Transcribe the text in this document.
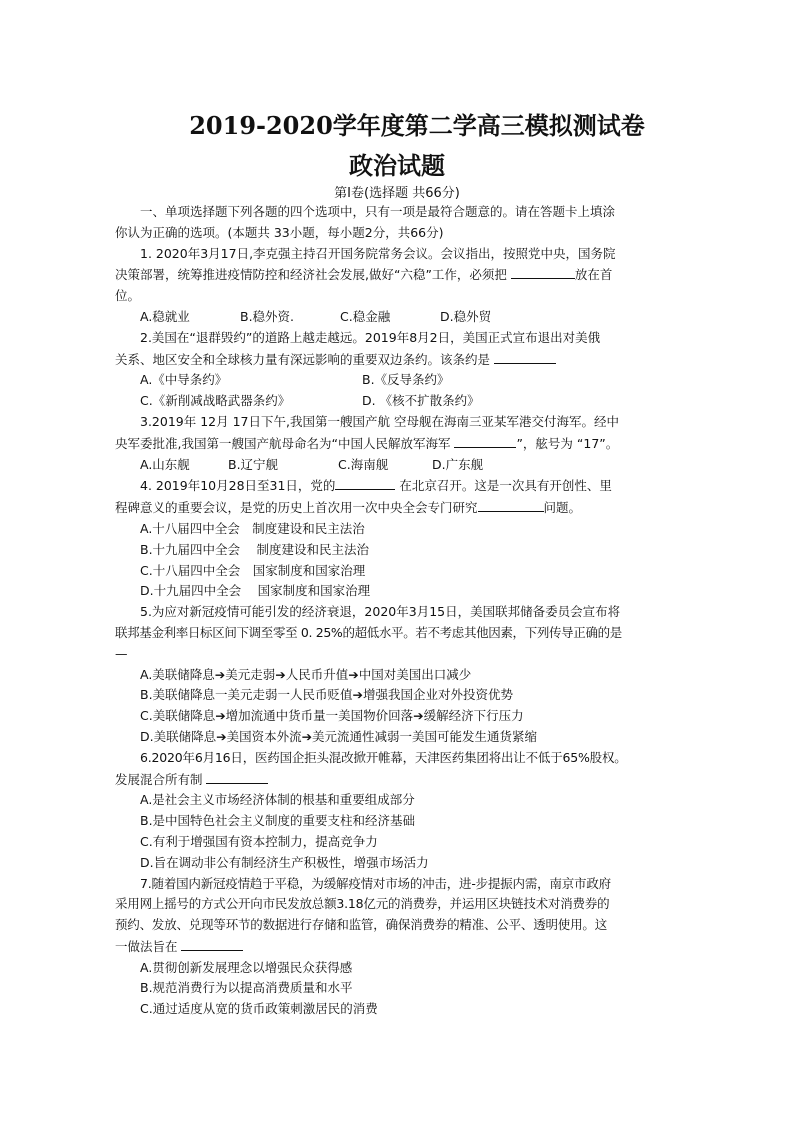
2019-2020学年度第二学高三模拟测试卷
政治试题
第Ⅰ卷(选择题 共66分)

一、单项选择题下列各题的四个选项中，只有一项是最符合题意的。请在答题卡上填涂

你认为正确的选项。(本题共 33小题，每小题2分，共66分)

1. 2020年3月17日,李克强主持召开国务院常务会议。会议指出，按照党中央，国务院

决策部署，统筹推进疫情防控和经济社会发展,做好“六稳”工作，必须把	放在首

位。

A.稳就业	B.稳外资.	C.稳金融	D.稳外贸

2.美国在“退群毁约”的道路上越走越远。2019年8月2日，美国正式宣布退出对美俄

关系、地区安全和全球核力量有深远影响的重要双边条约。该条约是

A.《中导条约》	B.《反导条约》
C.《新削减战略武器条约》	D. 《核不扩散条约》

3.2019年 12月 17日下午,我国第一艘国产航 空母舰在海南三亚某军港交付海军。经中

央军委批准,我国第一艘国产航母命名为“中国人民解放军海军	”，舷号为 “17”。

A.山东舰	B.辽宁舰	C.海南舰	D.广东舰

4. 2019年10月28日至31日，党的	在北京召开。这是一次具有开创性、里

程碑意义的重要会议，是党的历史上首次用一次中央全会专门研究	问题。

A.十八届四中全会　制度建设和民主法治

B.十九届四中全会　 制度建设和民主法治

C.十八届四中全会　国家制度和国家治理

D.十九届四中全会　 国家制度和国家治理

5.为应对新冠疫情可能引发的经济衰退，2020年3月15日，美国联邦储备委员会宣布将

联邦基金利率日标区间下调至零至 0. 25%的超低水平。若不考虑其他因素，下列传导正确的是

—

A.美联储降息➔美元走弱➔人民币升值➔中国对美国出口减少

B.美联储降息一美元走弱一人民币贬值➔增强我国企业对外投资优势

C.美联储降息➔增加流通中货币量一美国物价回落➔缓解经济下行压力

D.美联储降息➔美国资本外流➔美元流通性减弱一美国可能发生通货紧缩

6.2020年6月16日，医药国企拒头混改掀开帷幕，天津医药集团将出让不低于65%股权。

发展混合所有制

A.是社会主义市场经济体制的根基和重要组成部分

B.是中国特色社会主义制度的重要支柱和经济基础

C.有利于增强国有资本控制力，提高竞争力

D.旨在调动非公有制经济生产积极性，增强市场活力

7.随着国内新冠疫情趋于平稳，为缓解疫情对市场的冲击，进-步提振内需，南京市政府

采用网上摇号的方式公开向市民发放总额3.18亿元的消费券，并运用区块链技术对消费券的

预约、发放、兑现等环节的数据进行存储和监管，确保消费券的精准、公平、透明使用。这

一做法旨在

A.贯彻创新发展理念以增强民众获得感

B.规范消费行为以提高消费质量和水平

C.通过适度从宽的货币政策刺激居民的消费
